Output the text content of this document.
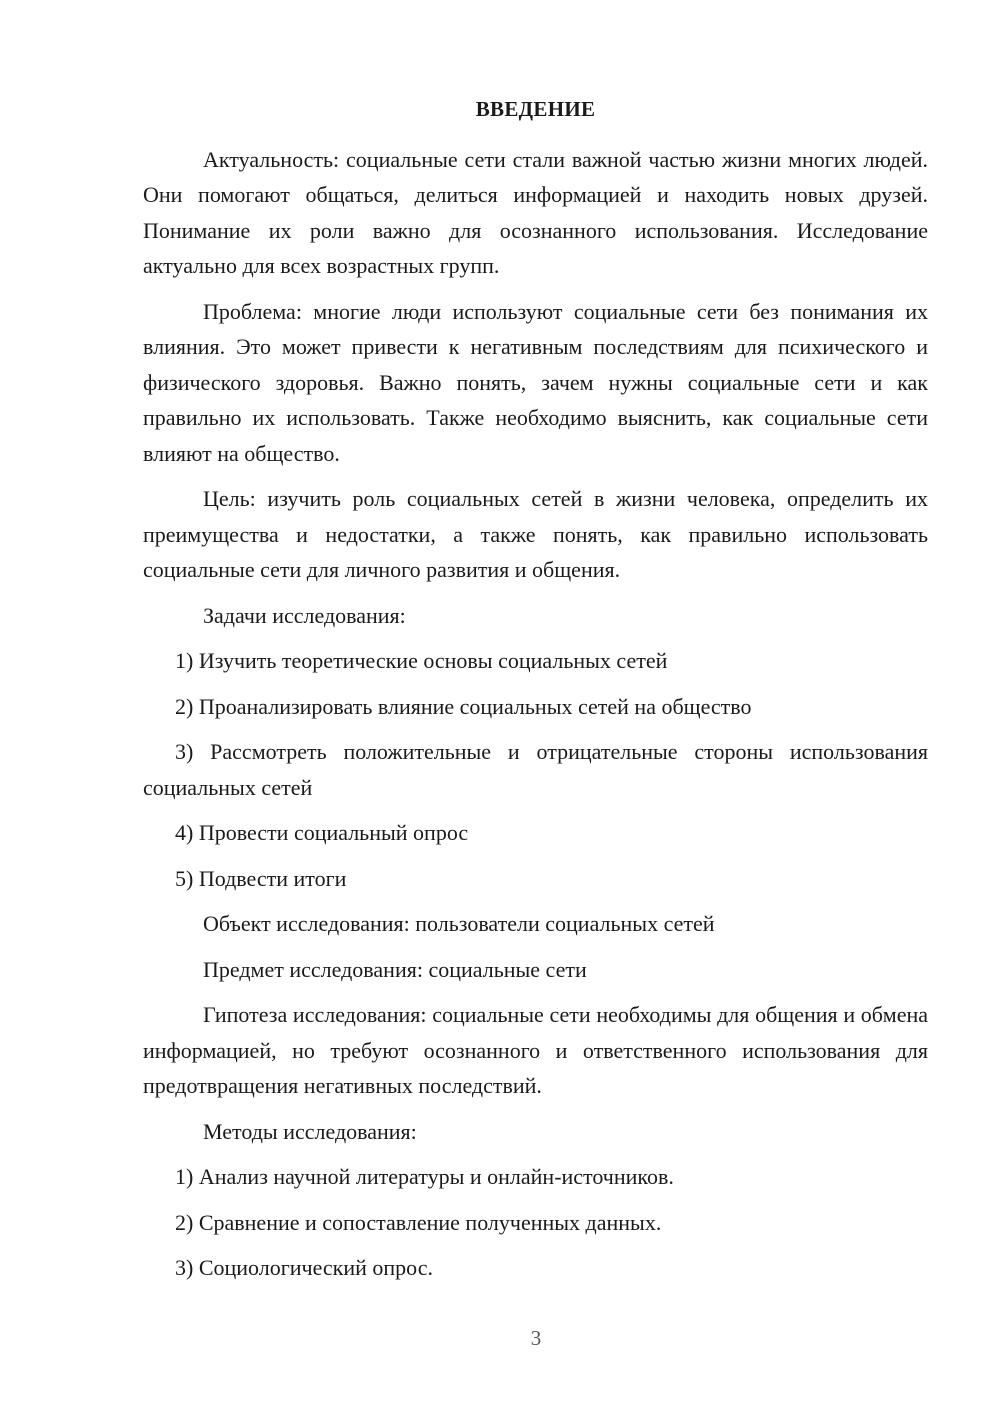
ВВЕДЕНИЕ

Актуальность: социальные сети стали важной частью жизни многих людей. Они помогают общаться, делиться информацией и находить новых друзей. Понимание их роли важно для осознанного использования. Исследование актуально для всех возрастных групп.

Проблема: многие люди используют социальные сети без понимания их влияния. Это может привести к негативным последствиям для психического и физического здоровья. Важно понять, зачем нужны социальные сети и как правильно их использовать. Также необходимо выяснить, как социальные сети влияют на общество.

Цель: изучить роль социальных сетей в жизни человека, определить их преимущества и недостатки, а также понять, как правильно использовать социальные сети для личного развития и общения.

Задачи исследования:

1) Изучить теоретические основы социальных сетей

2) Проанализировать влияние социальных сетей на общество

3) Рассмотреть положительные и отрицательные стороны использования социальных сетей

4) Провести социальный опрос

5) Подвести итоги

Объект исследования: пользователи социальных сетей

Предмет исследования: социальные сети

Гипотеза исследования: социальные сети необходимы для общения и обмена информацией, но требуют осознанного и ответственного использования для предотвращения негативных последствий.

Методы исследования:

1) Анализ научной литературы и онлайн-источников.

2) Сравнение и сопоставление полученных данных.

3) Социологический опрос.

3
